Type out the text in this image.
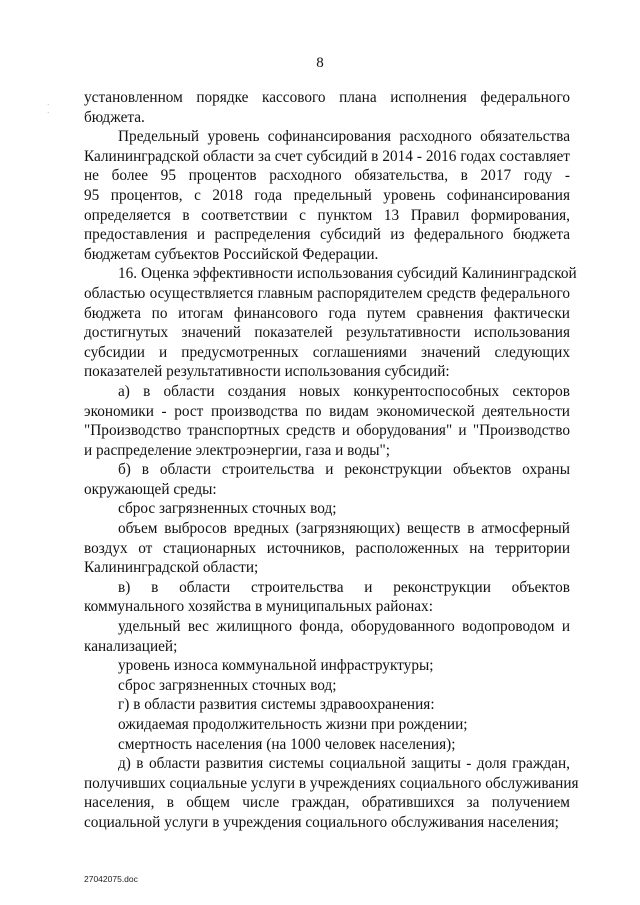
8
·
·
установленном порядке кассового плана исполнения федерального
бюджета.
Предельный уровень софинансирования расходного обязательства
Калининградской области за счет субсидий в 2014 - 2016 годах составляет
не более 95 процентов расходного обязательства, в 2017 году -
95 процентов, с 2018 года предельный уровень софинансирования
определяется в соответствии с пунктом 13 Правил формирования,
предоставления и распределения субсидий из федерального бюджета
бюджетам субъектов Российской Федерации.
16. Оценка эффективности использования субсидий Калининградской
областью осуществляется главным распорядителем средств федерального
бюджета по итогам финансового года путем сравнения фактически
достигнутых значений показателей результативности использования
субсидии и предусмотренных соглашениями значений следующих
показателей результативности использования субсидий:
а) в области создания новых конкурентоспособных секторов
экономики - рост производства по видам экономической деятельности
"Производство транспортных средств и оборудования" и "Производство
и распределение электроэнергии, газа и воды";
б) в области строительства и реконструкции объектов охраны
окружающей среды:
сброс загрязненных сточных вод;
объем выбросов вредных (загрязняющих) веществ в атмосферный
воздух от стационарных источников, расположенных на территории
Калининградской области;
в) в области строительства и реконструкции объектов
коммунального хозяйства в муниципальных районах:
удельный вес жилищного фонда, оборудованного водопроводом и
канализацией;
уровень износа коммунальной инфраструктуры;
сброс загрязненных сточных вод;
г) в области развития системы здравоохранения:
ожидаемая продолжительность жизни при рождении;
смертность населения (на 1000 человек населения);
д) в области развития системы социальной защиты - доля граждан,
получивших социальные услуги в учреждениях социального обслуживания
населения, в общем числе граждан, обратившихся за получением
социальной услуги в учреждения социального обслуживания населения;
27042075.doc
